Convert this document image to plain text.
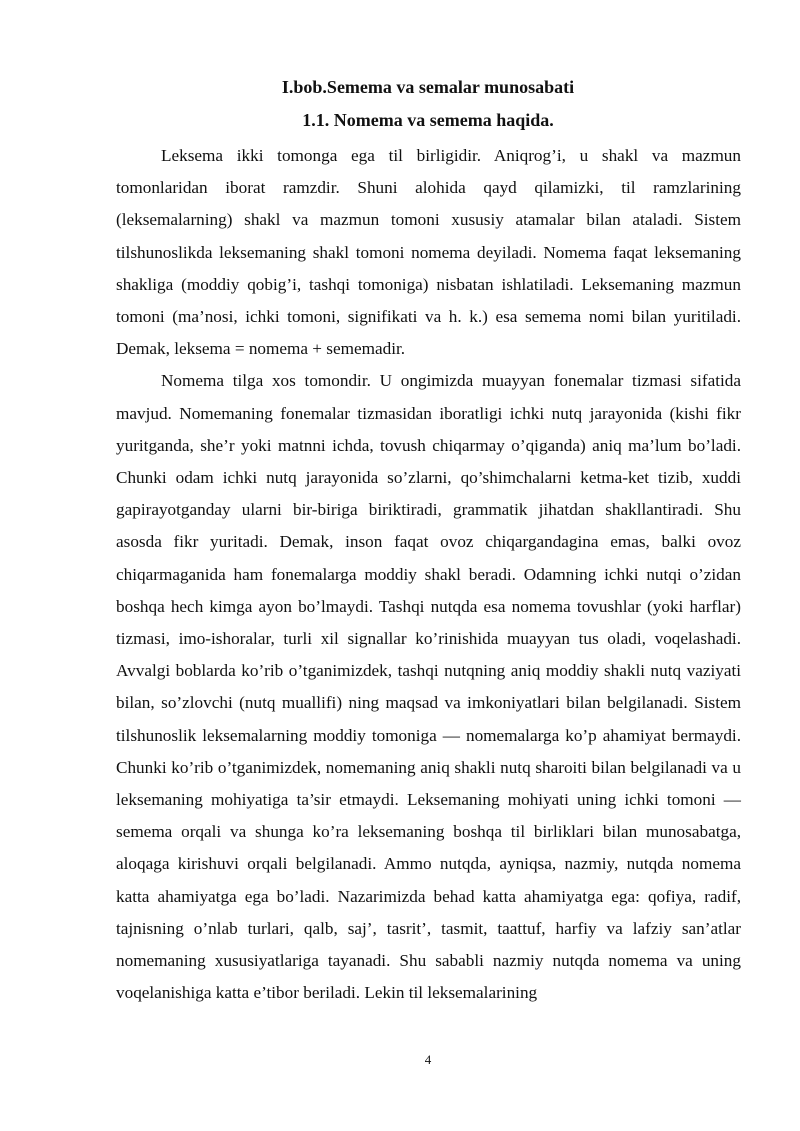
I.bob.Semema va semalar munosabati
1.1. Nomema va semema haqida.

Leksema ikki tomonga ega til birligidir. Aniqrog’i, u shakl va mazmun tomonlaridan iborat ramzdir. Shuni alohida qayd qilamizki, til ramzlarining (leksemalarning) shakl va mazmun tomoni xususiy atamalar bilan ataladi. Sistem tilshunoslikda leksemaning shakl tomoni nomema deyiladi. Nomema faqat leksemaning shakliga (moddiy qobig’i, tashqi tomoniga) nisbatan ishlatiladi. Leksemaning mazmun tomoni (ma’nosi, ichki tomoni, signifikati va h. k.) esa semema nomi bilan yuritiladi. Demak, leksema = nomema + sememadir.

Nomema tilga xos tomondir. U ongimizda muayyan fonemalar tizmasi sifatida mavjud. Nomemaning fonemalar tizmasidan iboratligi ichki nutq jarayonida (kishi fikr yuritganda, she’r yoki matnni ichda, tovush chiqarmay o’qiganda) aniq ma’lum bo’ladi. Chunki odam ichki nutq jarayonida so’zlarni, qo’shimchalarni ketma-ket tizib, xuddi gapirayotganday ularni bir-biriga biriktiradi, grammatik jihatdan shakllantiradi. Shu asosda fikr yuritadi. Demak, inson faqat ovoz chiqargandagina emas, balki ovoz chiqarmaganida ham fonemalarga moddiy shakl beradi. Odamning ichki nutqi o’zidan boshqa hech kimga ayon bo’lmaydi. Tashqi nutqda esa nomema tovushlar (yoki harflar) tizmasi, imo-ishoralar, turli xil signallar ko’rinishida muayyan tus oladi, voqelashadi. Avvalgi boblarda ko’rib o’tganimizdek, tashqi nutqning aniq moddiy shakli nutq vaziyati bilan, so’zlovchi (nutq muallifi) ning maqsad va imkoniyatlari bilan belgilanadi. Sistem tilshunoslik leksemalarning moddiy tomoniga — nomemalarga ko’p ahamiyat bermaydi. Chunki ko’rib o’tganimizdek, nomemaning aniq shakli nutq sharoiti bilan belgilanadi va u leksemaning mohiyatiga ta’sir etmaydi. Leksemaning mohiyati uning ichki tomoni — semema orqali va shunga ko’ra leksemaning boshqa til birliklari bilan munosabatga, aloqaga kirishuvi orqali belgilanadi. Ammo nutqda, ayniqsa, nazmiy, nutqda nomema katta ahamiyatga ega bo’ladi. Nazarimizda behad katta ahamiyatga ega: qofiya, radif, tajnisning o’nlab turlari, qalb, saj’, tasrit’, tasmit, taattuf, harfiy va lafziy san’atlar nomemaning xususiyatlariga tayanadi. Shu sababli nazmiy nutqda nomema va uning voqelanishiga katta e’tibor beriladi. Lekin til leksemalarining

4
